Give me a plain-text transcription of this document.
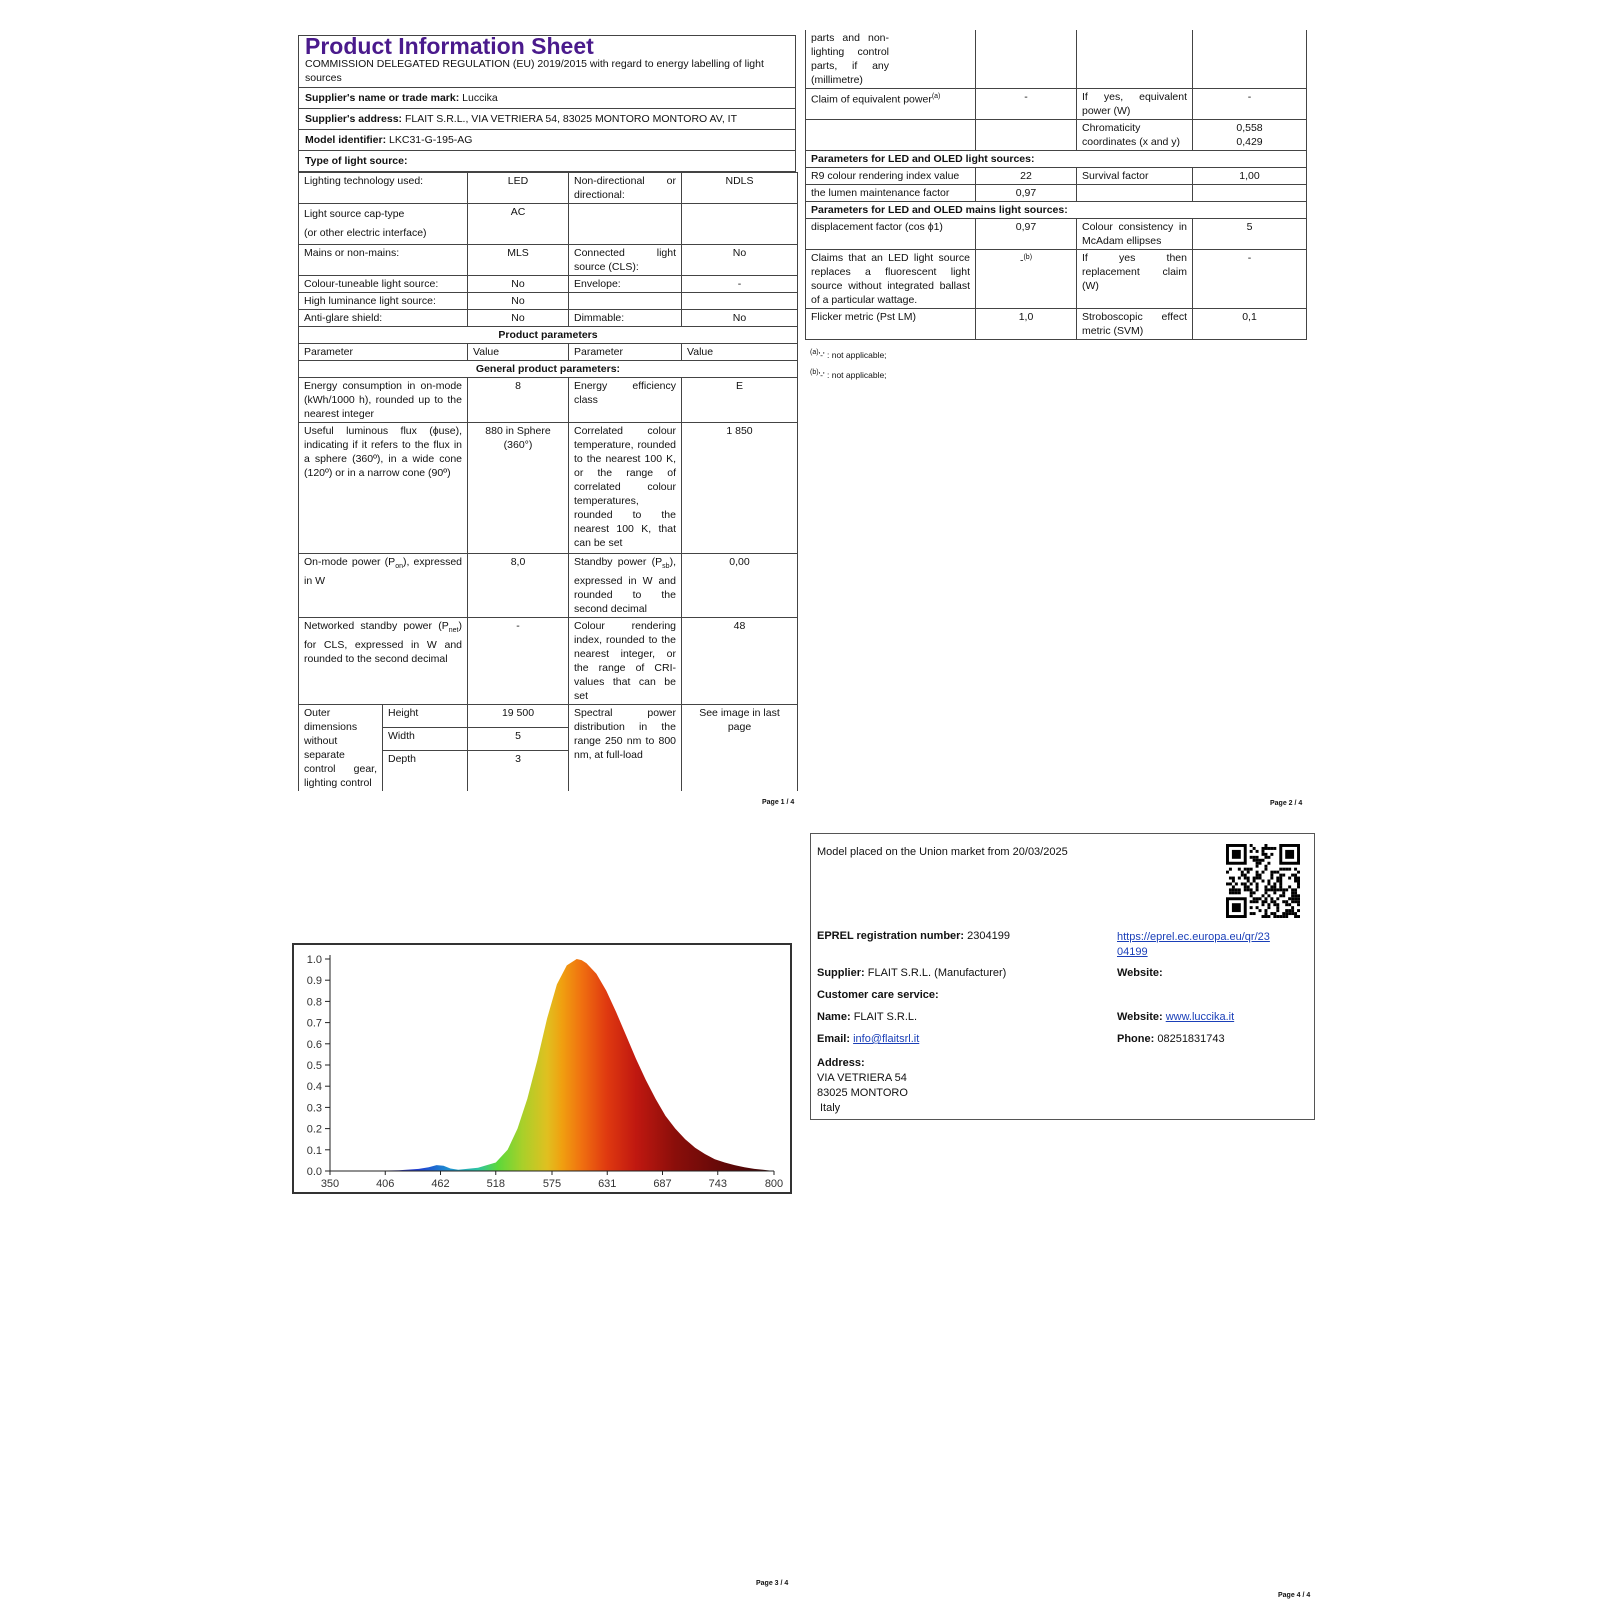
Product Information Sheet
COMMISSION DELEGATED REGULATION (EU) 2019/2015 with regard to energy labelling of light sources
Supplier's name or trade mark: Luccika
Supplier's address: FLAIT S.R.L., VIA VETRIERA 54, 83025 MONTORO MONTORO AV, IT
Model identifier: LKC31-G-195-AG
Type of light source:
Lighting technology used:		LED	Non-directional or directional:	NDLS
Light source cap-type
(or other electric interface)		AC		
Mains or non-mains:		MLS	Connected light source (CLS):	No
Colour-tuneable light source:		No	Envelope:	-
High luminance light source:		No		
Anti-glare shield:		No	Dimmable:	No
Product parameters				
Parameter		Value	Parameter	Value
General product parameters:				
Energy consumption in on-mode (kWh/1000 h), rounded up to the nearest integer		8	Energy efficiency class	E
Useful luminous flux (ϕuse), indicating if it refers to the flux in a sphere (360º), in a wide cone (120º) or in a narrow cone (90º)		880 in Sphere (360°)	Correlated colour temperature, rounded to the nearest 100 K, or the range of correlated colour temperatures, rounded to the nearest 100 K, that can be set	1 850
On-mode power $(P_{on})$, expressed in W		8,0	Standby power $(P_{sb})$, expressed in W and rounded to the second decimal	0,00
Networked standby power $(P_{net})$ for CLS, expressed in W and rounded to the second decimal		-	Colour rendering index, rounded to the nearest integer, or the range of CRI-values that can be set	48
Outer dimensions without separate control gear, lighting control	Height	19 500	Spectral power distribution in the range 250 nm to 800 nm, at full-load	See image in last page
	Width	5		
	Depth	3		
Page 1 / 4
parts and non-lighting control parts, if any (millimetre)			

Claim of equivalent power$^{(a)}$	-	If yes, equivalent power (W)	-
		Chromaticity coordinates (x and y)	0,558
0,429
Parameters for LED and OLED light sources:			
R9 colour rendering index value	22	Survival factor	1,00
the lumen maintenance factor	0,97		
Parameters for LED and OLED mains light sources:			
displacement factor (cos ϕ1)	0,97	Colour consistency in McAdam ellipses	5
Claims that an LED light source replaces a fluorescent light source without integrated ballast of a particular wattage.	-$^{(b)}$	If yes then replacement claim (W)	-
Flicker metric (Pst LM)	1,0	Stroboscopic effect metric (SVM)	0,1
$^{(a)}$'-' : not applicable;
$^{(b)}$'-' : not applicable;
Page 2 / 4
0.0
0.1
0.2
0.3
0.4
0.5
0.6
0.7
0.8
0.9
1.0
350	406	462	518	575	631	687	743	800
Page 3 / 4
Model placed on the Union market from 20/03/2025
EPREL registration number: 2304199	https://eprel.ec.europa.eu/qr/23
04199
Supplier: FLAIT S.R.L. (Manufacturer)	Website:
Customer care service:
Name: FLAIT S.R.L.	Website: www.luccika.it
Email: info@flaitsrl.it	Phone: 08251831743
Address:
VIA VETRIERA 54
83025 MONTORO
Italy
Page 4 / 4
